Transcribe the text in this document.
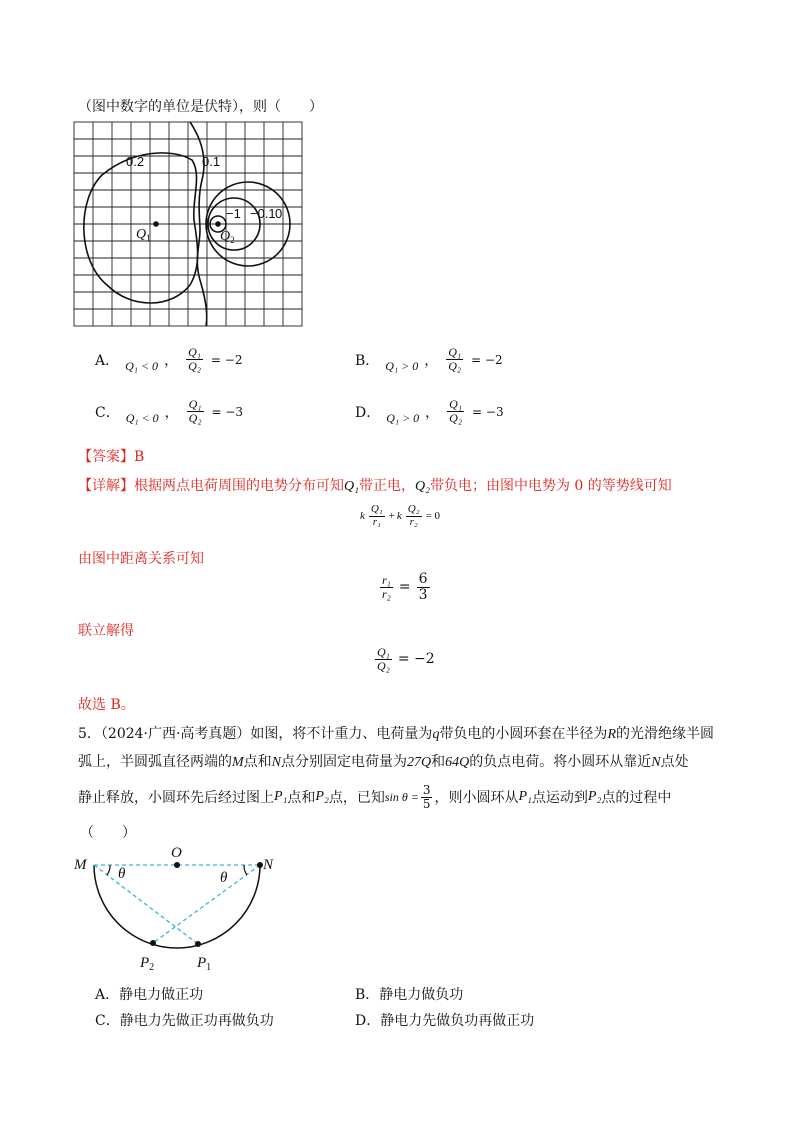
（图中数字的单位是伏特），则（　　）
0.2	0.1
−1 −0.1 0
$Q_1$	$Q_2$
A． Q₁ < 0 ， $\frac{\text{Q₁}}{\text{Q₂}} = -2$	B． Q₁ > 0 ， $\frac{\text{Q₁}}{\text{Q₂}} = -2$
C． Q₁ < 0 ， $\frac{\text{Q₁}}{\text{Q₂}} = -3$	D． Q₁ > 0 ， $\frac{\text{Q₁}}{\text{Q₂}} = -3$
【答案】B
【详解】根据两点电荷周围的电势分布可知Q₁带正电，Q₂带负电；由图中电势为 0 的等势线可知
k $\frac{\text{Q₁}}{\text{r₁}} + k \frac{\text{Q₂}}{\text{r₂}} = 0$
由图中距离关系可知
$\frac{\text{r₁}}{\text{r₂}} = \frac{6}{3}$
联立解得
$\frac{\text{Q₁}}{\text{Q₂}} = -2$
故选 B。
5．（2024·广西·高考真题）如图，将不计重力、电荷量为q带负电的小圆环套在半径为R的光滑绝缘半圆
弧上，半圆弧直径两端的M点和N点分别固定电荷量为27Q和64Q的负点电荷。将小圆环从靠近N点处
静止释放，小圆环先后经过图上 P₁ 点和 P₂ 点，已知 $\sin \theta = \frac{3}{5}$ ，则小圆环从 P₁ 点运动到 P₂ 点的过程中
（　　）
M
O
N
θ	θ
$P_2$	$P_1$
A．静电力做正功	B．静电力做负功
C．静电力先做正功再做负功	D．静电力先做负功再做正功
